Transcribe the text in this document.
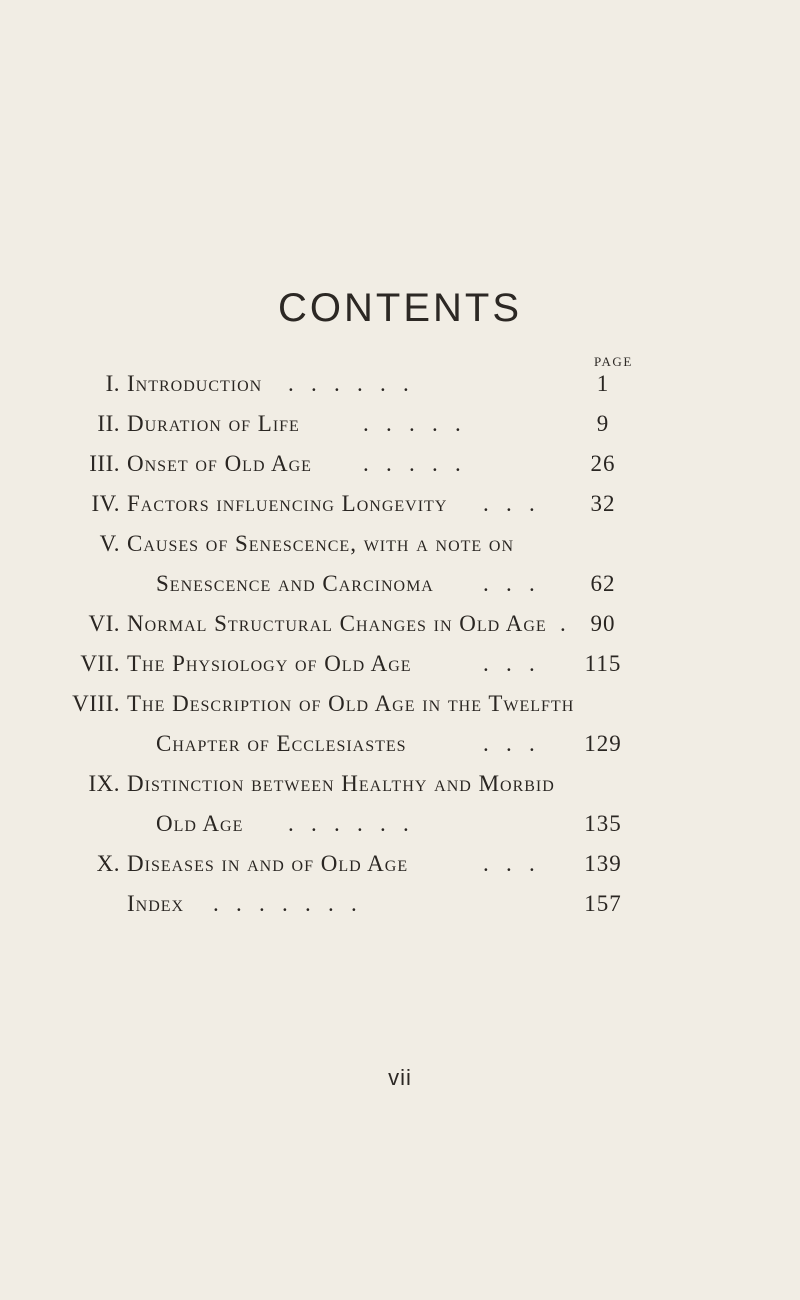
CONTENTS
PAGE
I. Introduction .   .   .   .   .   .	1
II. Duration of Life	.   .   .   .   .	9
III. Onset of Old Age .   .   .   .   .	26
IV. Factors influencing Longevity .   .   .	32
V. Causes of Senescence, with a note on
Senescence and Carcinoma .   .   .	62
VI. Normal Structural Changes in Old Age .	90
VII. The Physiology of Old Age	.   .   . 115
VIII. The Description of Old Age in the Twelfth
Chapter of Ecclesiastes	.   .   . 129
IX. Distinction between Healthy and Morbid
Old Age .   .   .   .   .   .	135
X. Diseases in and of Old Age	.   .   . 139
Index .   .   .   .   .   .   .	157
vii
